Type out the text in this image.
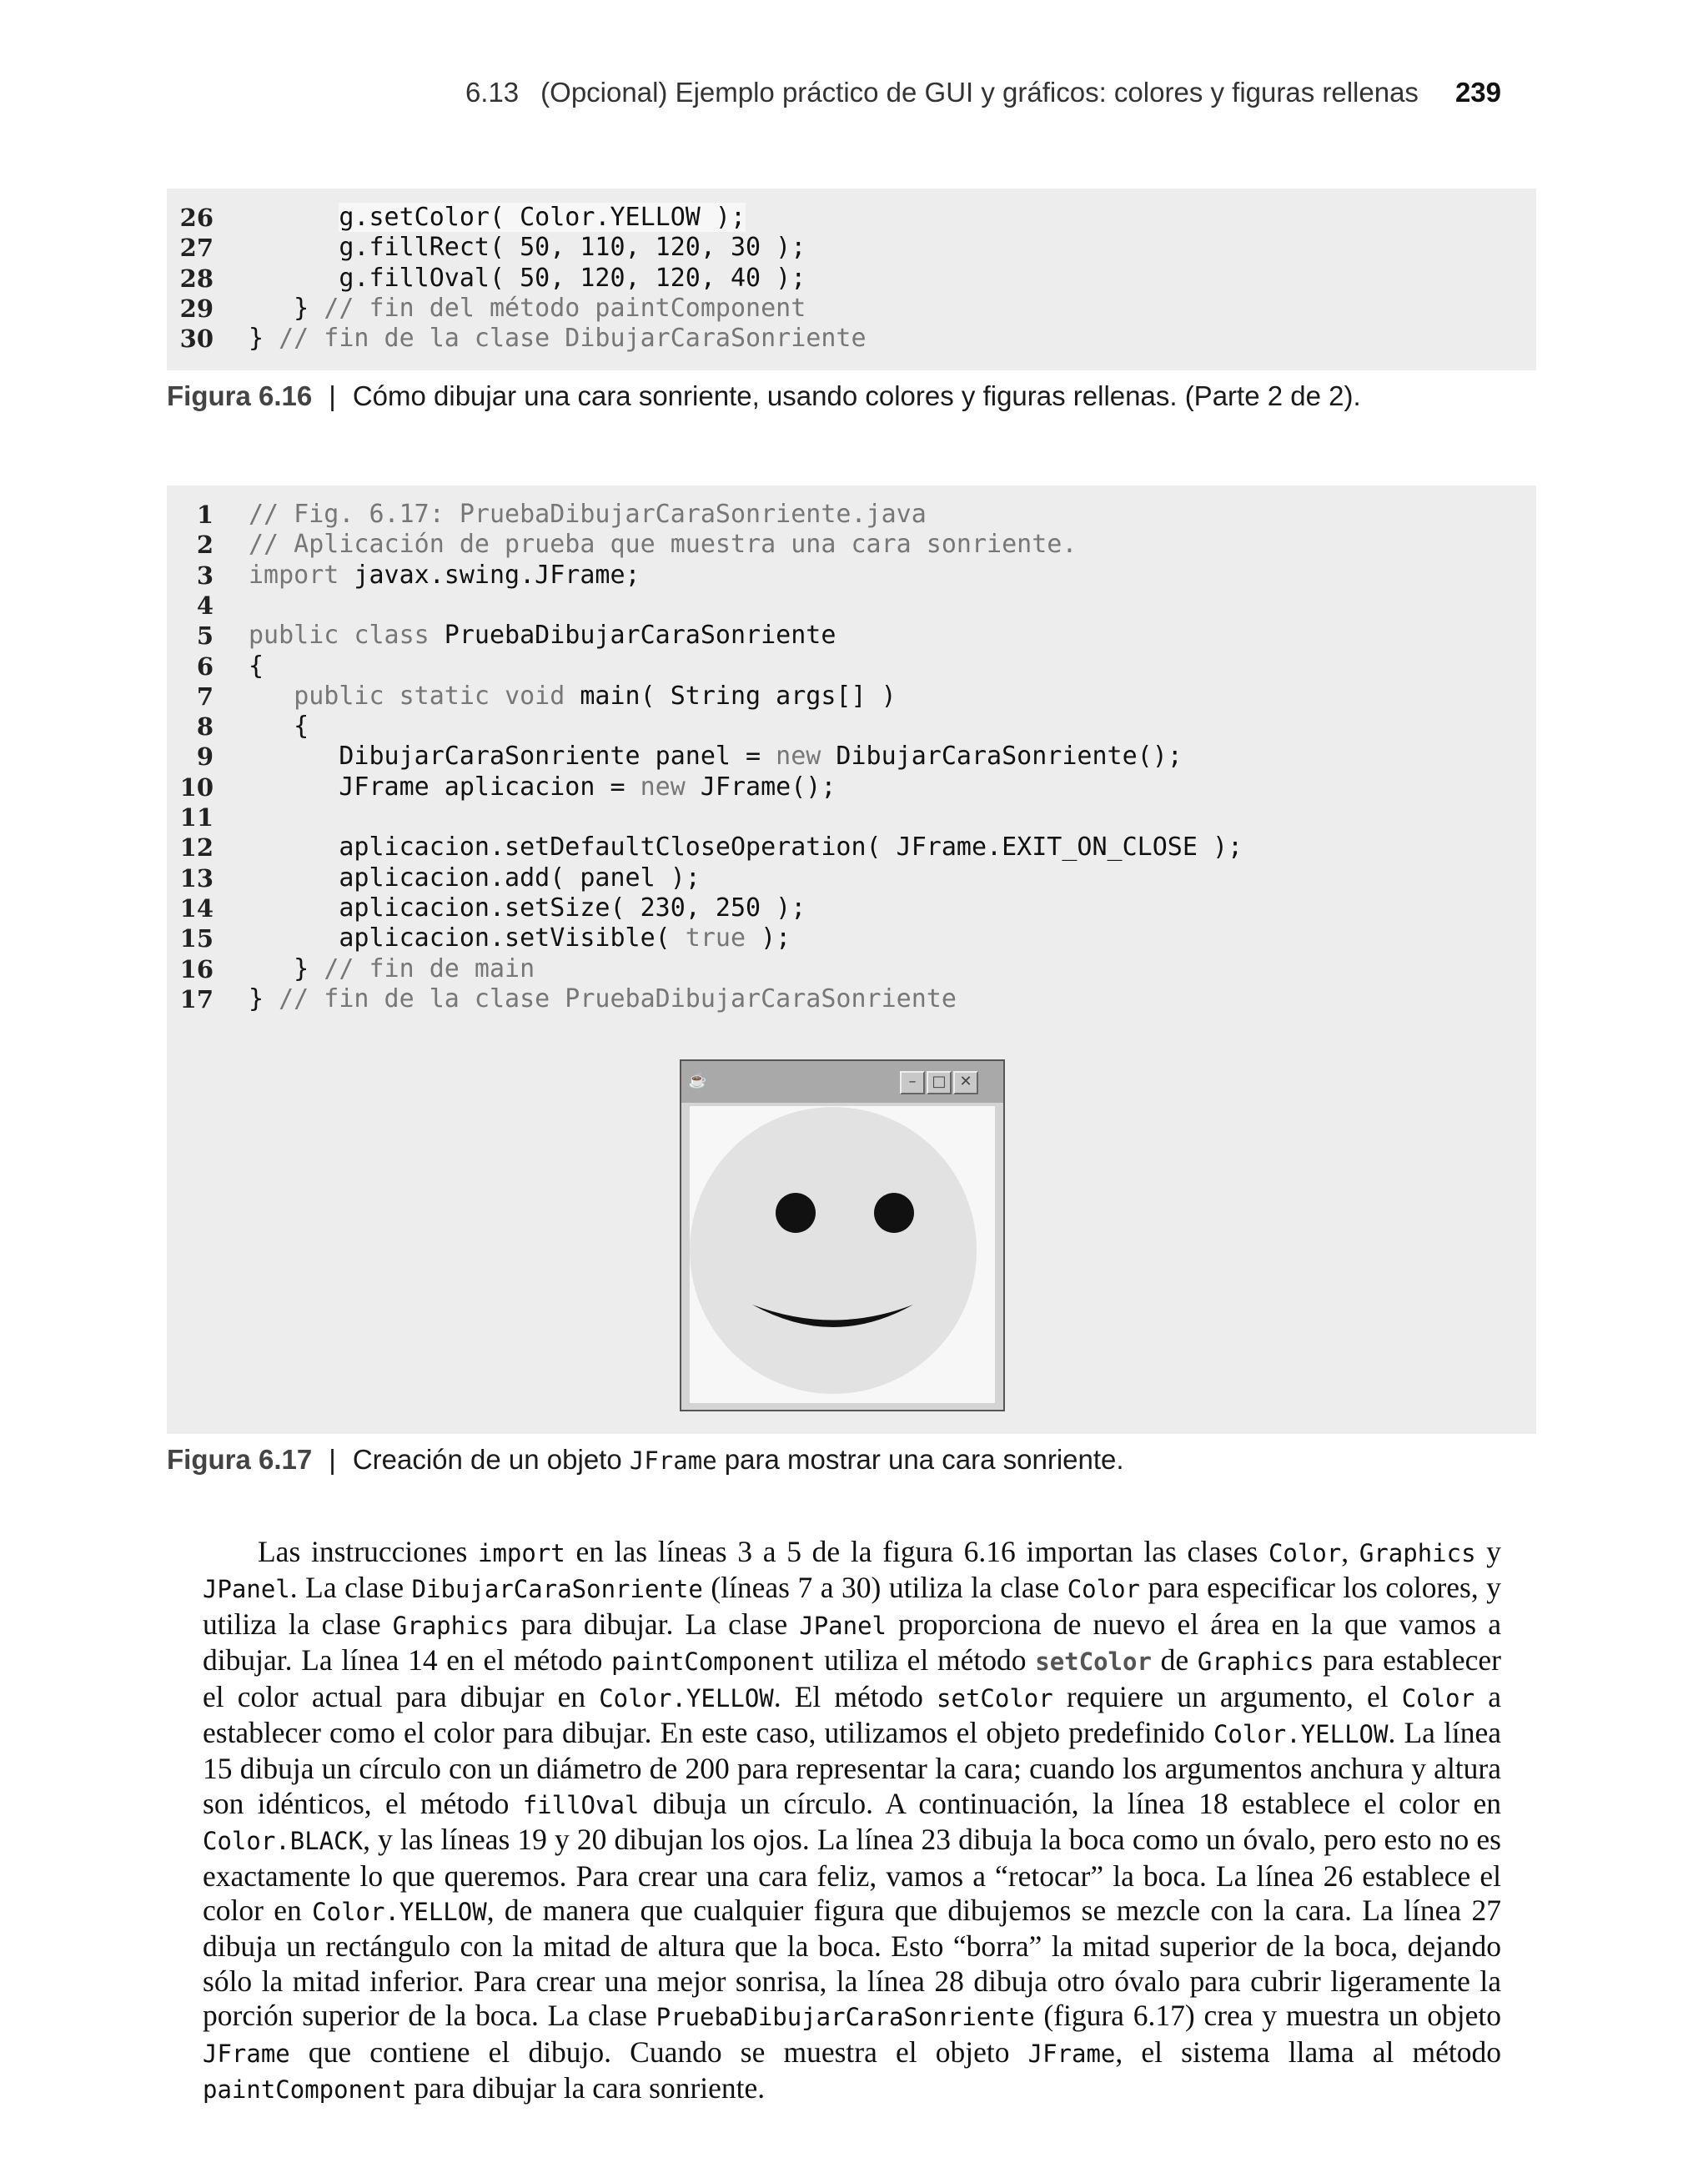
6.13 (Opcional) Ejemplo práctico de GUI y gráficos: colores y figuras rellenas 239
26	g.setColor( Color.YELLOW );
27 g.fillRect( 50, 110, 120, 30 );
28 g.fillOval( 50, 120, 120, 40 );
29 } // fin del método paintComponent
30 } // fin de la clase DibujarCaraSonriente
Figura 6.16 | Cómo dibujar una cara sonriente, usando colores y figuras rellenas. (Parte 2 de 2).
1 // Fig. 6.17: PruebaDibujarCaraSonriente.java
2 // Aplicación de prueba que muestra una cara sonriente.
3 import javax.swing.JFrame;
4
5 public class PruebaDibujarCaraSonriente
6 {
7	public static void main( String args[] )
8 {
9 DibujarCaraSonriente panel = new DibujarCaraSonriente();
10 JFrame aplicacion = new JFrame();
11
12 aplicacion.setDefaultCloseOperation( JFrame.EXIT_ON_CLOSE );
13 aplicacion.add( panel );
14 aplicacion.setSize( 230, 250 );
15 aplicacion.setVisible( true );
16 } // fin de main
17 } // fin de la clase PruebaDibujarCaraSonriente
☕	–	□ ✕
Figura 6.17 | Creación de un objeto JFrame para mostrar una cara sonriente.

Las instrucciones import en las líneas 3 a 5 de la figura 6.16 importan las clases Color, Graphics y JPanel. La clase DibujarCaraSonriente (líneas 7 a 30) utiliza la clase Color para especificar los colores, y utiliza la clase Graphics para dibujar. La clase JPanel proporciona de nuevo el área en la que vamos a dibujar. La línea 14 en el método paintComponent utiliza el método setColor de Graphics para establecer el color actual para dibujar en Color.YELLOW. El método setColor requiere un argumento, el Color a establecer como el color para dibujar. En este caso, utilizamos el objeto predefinido Color.YELLOW. La línea 15 dibuja un círculo con un diámetro de 200 para representar la cara; cuando los argumentos anchura y altura son idénticos, el método fillOval dibuja un círculo. A continuación, la línea 18 establece el color en Color.BLACK, y las líneas 19 y 20 dibujan los ojos. La línea 23 dibuja la boca como un óvalo, pero esto no es exactamente lo que queremos. Para crear una cara feliz, vamos a “retocar” la boca. La línea 26 establece el color en Color.YELLOW, de manera que cualquier figura que dibujemos se mezcle con la cara. La línea 27 dibuja un rectángulo con la mitad de altura que la boca. Esto “borra” la mitad superior de la boca, dejando sólo la mitad inferior. Para crear una mejor sonrisa, la línea 28 dibuja otro óvalo para cubrir ligeramente la porción superior de la boca. La clase PruebaDibujarCaraSonriente (figura 6.17) crea y muestra un objeto JFrame que contiene el dibujo. Cuando se muestra el objeto JFrame, el sistema llama al método paintComponent para dibujar la cara sonriente.
